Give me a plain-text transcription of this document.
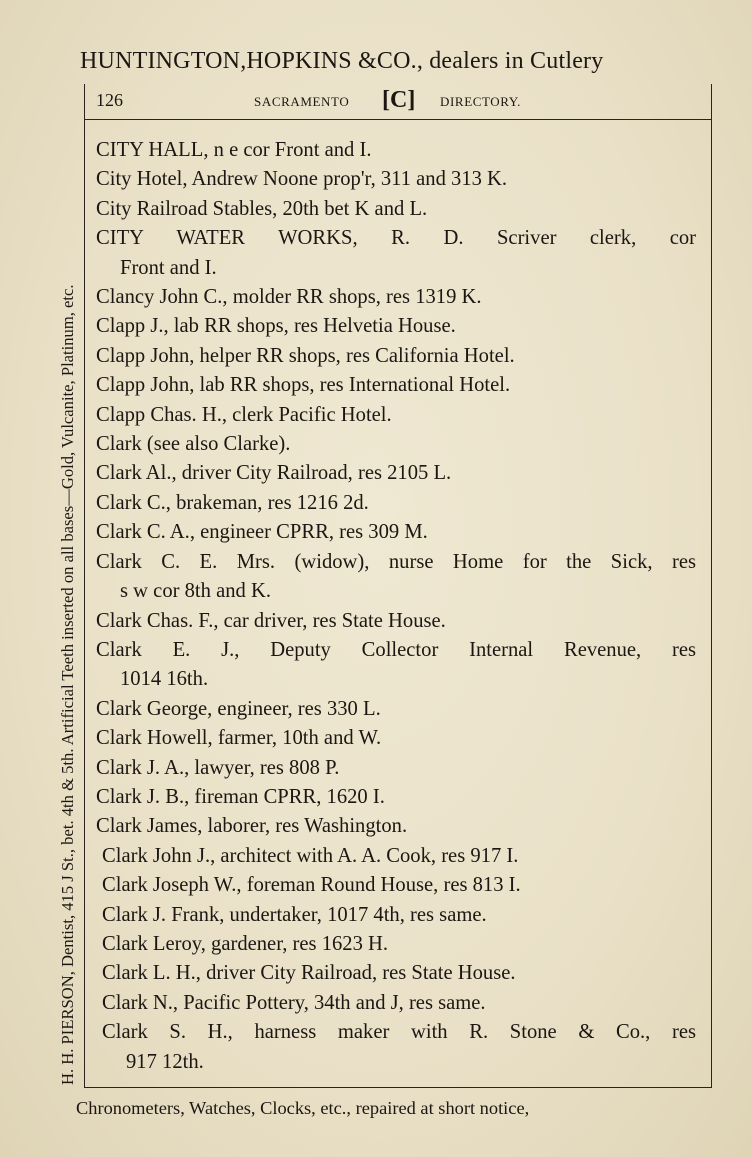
HUNTINGTON,HOPKINS &CO., dealers in Cutlery
H. H. PIERSON, Dentist, 415 J St., bet. 4th & 5th. Artificial Teeth inserted on all bases—Gold, Vulcanite, Platinum, etc.
126	SACRAMENTO [C] DIRECTORY.
CITY HALL, n e cor Front and I.
City Hotel, Andrew Noone prop'r, 311 and 313 K.
City Railroad Stables, 20th bet K and L.
CITY WATER WORKS, R. D. Scriver clerk, cor
Front and I.
Clancy John C., molder RR shops, res 1319 K.
Clapp J., lab RR shops, res Helvetia House.
Clapp John, helper RR shops, res California Hotel.
Clapp John, lab RR shops, res International Hotel.
Clapp Chas. H., clerk Pacific Hotel.
Clark (see also Clarke).
Clark Al., driver City Railroad, res 2105 L.
Clark C., brakeman, res 1216 2d.
Clark C. A., engineer CPRR, res 309 M.
Clark C. E. Mrs. (widow), nurse Home for the Sick, res
s w cor 8th and K.
Clark Chas. F., car driver, res State House.
Clark E. J., Deputy Collector Internal Revenue, res
1014 16th.
Clark George, engineer, res 330 L.
Clark Howell, farmer, 10th and W.
Clark J. A., lawyer, res 808 P.
Clark J. B., fireman CPRR, 1620 I.
Clark James, laborer, res Washington.
Clark John J., architect with A. A. Cook, res 917 I.
Clark Joseph W., foreman Round House, res 813 I.
Clark J. Frank, undertaker, 1017 4th, res same.
Clark Leroy, gardener, res 1623 H.
Clark L. H., driver City Railroad, res State House.
Clark N., Pacific Pottery, 34th and J, res same.
Clark S. H., harness maker with R. Stone & Co., res
917 12th.
Chronometers, Watches, Clocks, etc., repaired at short notice,
